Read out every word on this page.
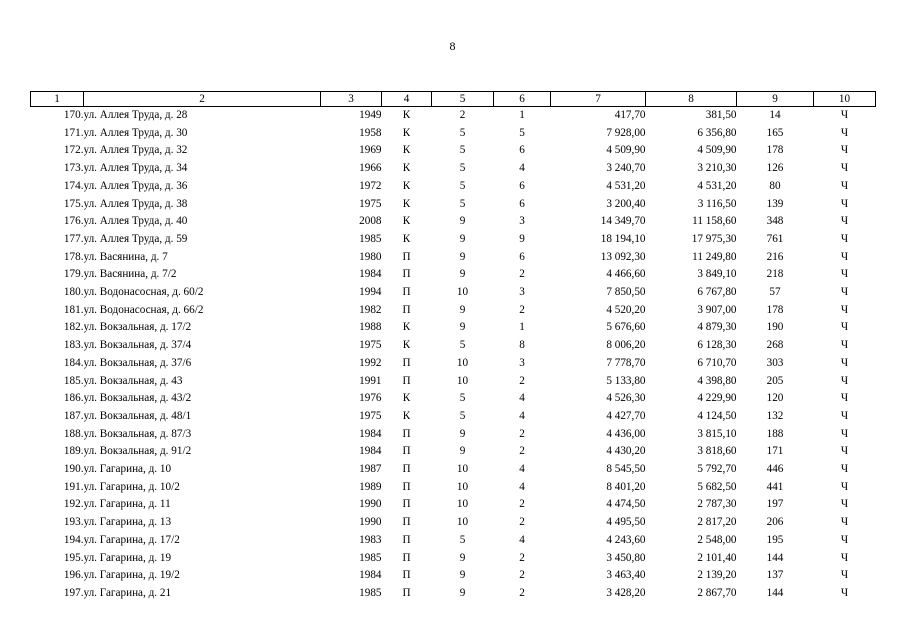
8
1	2	3	4	5	6	7	8	9	10
170.	ул. Аллея Труда, д. 28	1949	К	2	1	417,70	381,50	14	Ч
171.	ул. Аллея Труда, д. 30	1958	К	5	5	7 928,00	6 356,80	165	Ч
172.	ул. Аллея Труда, д. 32	1969	К	5	6	4 509,90	4 509,90	178	Ч
173.	ул. Аллея Труда, д. 34	1966	К	5	4	3 240,70	3 210,30	126	Ч
174.	ул. Аллея Труда, д. 36	1972	К	5	6	4 531,20	4 531,20	80	Ч
175.	ул. Аллея Труда, д. 38	1975	К	5	6	3 200,40	3 116,50	139	Ч
176.	ул. Аллея Труда, д. 40	2008	К	9	3	14 349,70	11 158,60	348	Ч
177.	ул. Аллея Труда, д. 59	1985	К	9	9	18 194,10	17 975,30	761	Ч
178.	ул. Васянина, д. 7	1980	П	9	6	13 092,30	11 249,80	216	Ч
179.	ул. Васянина, д. 7/2	1984	П	9	2	4 466,60	3 849,10	218	Ч
180.	ул. Водонасосная, д. 60/2	1994	П	10	3	7 850,50	6 767,80	57	Ч
181.	ул. Водонасосная, д. 66/2	1982	П	9	2	4 520,20	3 907,00	178	Ч
182.	ул. Вокзальная, д. 17/2	1988	К	9	1	5 676,60	4 879,30	190	Ч
183.	ул. Вокзальная, д. 37/4	1975	К	5	8	8 006,20	6 128,30	268	Ч
184.	ул. Вокзальная, д. 37/6	1992	П	10	3	7 778,70	6 710,70	303	Ч
185.	ул. Вокзальная, д. 43	1991	П	10	2	5 133,80	4 398,80	205	Ч
186.	ул. Вокзальная, д. 43/2	1976	К	5	4	4 526,30	4 229,90	120	Ч
187.	ул. Вокзальная, д. 48/1	1975	К	5	4	4 427,70	4 124,50	132	Ч
188.	ул. Вокзальная, д. 87/3	1984	П	9	2	4 436,00	3 815,10	188	Ч
189.	ул. Вокзальная, д. 91/2	1984	П	9	2	4 430,20	3 818,60	171	Ч
190.	ул. Гагарина, д. 10	1987	П	10	4	8 545,50	5 792,70	446	Ч
191.	ул. Гагарина, д. 10/2	1989	П	10	4	8 401,20	5 682,50	441	Ч
192.	ул. Гагарина, д. 11	1990	П	10	2	4 474,50	2 787,30	197	Ч
193.	ул. Гагарина, д. 13	1990	П	10	2	4 495,50	2 817,20	206	Ч
194.	ул. Гагарина, д. 17/2	1983	П	5	4	4 243,60	2 548,00	195	Ч
195.	ул. Гагарина, д. 19	1985	П	9	2	3 450,80	2 101,40	144	Ч
196.	ул. Гагарина, д. 19/2	1984	П	9	2	3 463,40	2 139,20	137	Ч
197.	ул. Гагарина, д. 21	1985	П	9	2	3 428,20	2 867,70	144	Ч
